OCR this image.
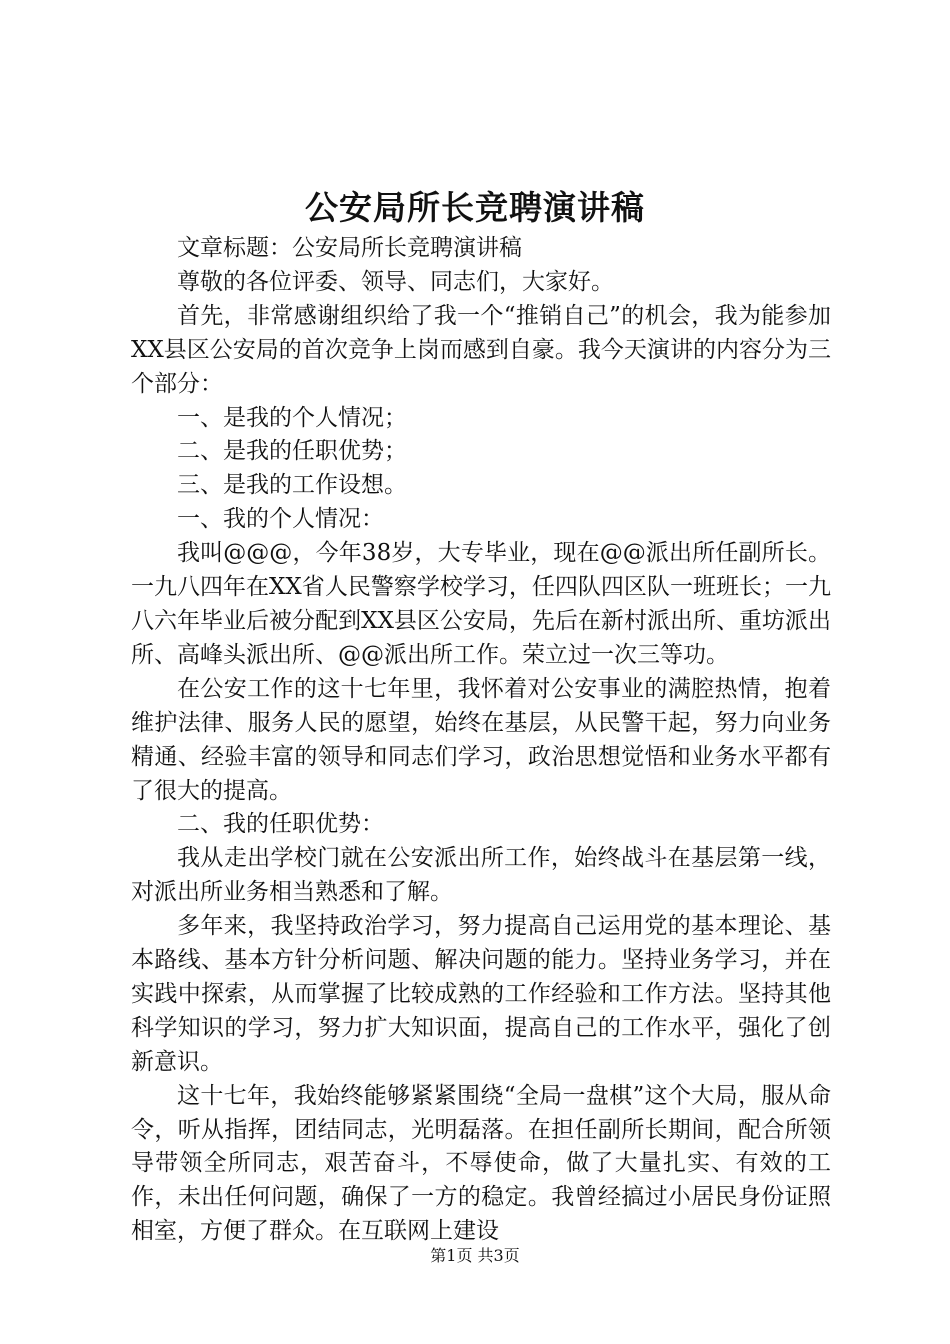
公安局所长竞聘演讲稿

文章标题：公安局所长竞聘演讲稿

尊敬的各位评委、领导、同志们，大家好。

首先，非常感谢组织给了我一个“推销自己”的机会，我为能参加XX县区公安局的首次竞争上岗而感到自豪。我今天演讲的内容分为三个部分：

一、是我的个人情况；

二、是我的任职优势；

三、是我的工作设想。

一、我的个人情况：

我叫@@@，今年38岁，大专毕业，现在@@派出所任副所长。一九八四年在XX省人民警察学校学习，任四队四区队一班班长；一九八六年毕业后被分配到XX县区公安局，先后在新村派出所、重坊派出所、高峰头派出所、@@派出所工作。荣立过一次三等功。

在公安工作的这十七年里，我怀着对公安事业的满腔热情，抱着维护法律、服务人民的愿望，始终在基层，从民警干起，努力向业务精通、经验丰富的领导和同志们学习，政治思想觉悟和业务水平都有了很大的提高。

二、我的任职优势：

我从走出学校门就在公安派出所工作，始终战斗在基层第一线，对派出所业务相当熟悉和了解。

多年来，我坚持政治学习，努力提高自己运用党的基本理论、基本路线、基本方针分析问题、解决问题的能力。坚持业务学习，并在实践中探索，从而掌握了比较成熟的工作经验和工作方法。坚持其他科学知识的学习，努力扩大知识面，提高自己的工作水平，强化了创新意识。

这十七年，我始终能够紧紧围绕“全局一盘棋”这个大局，服从命令，听从指挥，团结同志，光明磊落。在担任副所长期间，配合所领导带领全所同志，艰苦奋斗，不辱使命，做了大量扎实、有效的工作，未出任何问题，确保了一方的稳定。我曾经搞过小居民身份证照相室，方便了群众。在互联网上建设

第1页 共3页
